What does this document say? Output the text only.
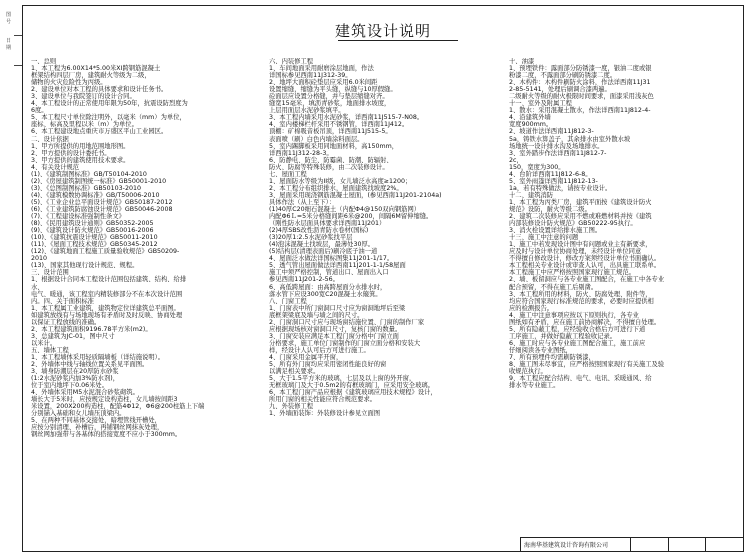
图
号
日
期
建筑设计说明
一、总则
1、本工程为6.00X14*5.00米XI跨钢筋混凝土
框架结构四层厂房，建筑耐火等级为二级，
储物的火灾危险性为丙级。
2、建设单位对本工程的具体要求和设计任务书。
3、建设单位与我院签订的设计合同。
4、本工程设计的正常使用年限为50年，抗震设防烈度为
6度。
5、本工程尺寸单位除注明外，以毫米（mm）为单位，
座标、标高及里程以米（m）为单位。
6、本工程建设地点重庆市万盛区平山工业园区。
二、设计依据
1、甲方所提供的用地范围地形图。
2、甲方提供的设计委托书。
3、甲方提供的建筑使用技术要求。
4、有关设计规范
(1)、《建筑制图标准》GB/T50104-2010
(2)、《房屋建筑制图统一标准》GB50001-2010
(3)、《总图制图标准》GB50103-2010
(4)、《建筑模数协调标准》GB/T50006-2010
(5)、《工业企业总平面设计规范》GB50187-2012
(6)、《工业建筑防腐蚀设计规范》GB50046-2008
(7)、《工程建设标准强制性条文》
(8)、《民用建筑设计通则》GB50352-2005
(9)、《建筑设计防火规范》GB50016-2006
(10)、《建筑抗震设计规范》GB50011-2010
(11)、《屋面工程技术规范》GB50345-2012
(12)、《建筑地面工程施工质量验收规范》GB50209-
2010
(13)、国家其他现行设计规范、规程。
三、设计范围
1、根据设计合同本工程设计范围包括建筑、结构、给排
水、
电气、暖通，该工程室内精装修部分不在本次设计范围
内。四、关于面积标准
1、本工程属工业建筑，建筑物定位详建筑总平面图。
如建筑放线有与场地现场有矛盾时及时反映、协商处理
以保证工程放线的准确。
2、本工程建筑面积9196.78平方米(m2)。
3、总建筑为JC-01，图中尺寸
以米计。
五、墙体工程
1、本工程墙体采用轻质隔墙板（详结施说明）。
2、外墙体中线与轴线位置关系见平面图。
3、墙身防潮层在20厚防水砂浆
(1:2水泥砂浆内加3%防水剂)，
位于室内地坪下0.06米处。
4、外墙体采用M5水泥混合砂浆砌筑。
墙长大于5米时，应按规定设构造柱，女儿墙按间距3
米设置，200X200构造柱，配筋4Φ12，Φ6@200柱筋上下端
分别锚入基础和女儿墙压顶梁内。
5、在两种不同基体交接处，暗埋管线开槽处，
应按分别清理、补槽后，再铺钢丝网抹灰处理，
钢丝网加强带与各基体的搭接宽度不应小于300mm。
六、内装修工程
1、车间地面采用耐磨涂层地面，作法
详国标参见西南11J312-39。
2、地坪大面积砼垫层应采用6.0米间距
设置缩缝，缩缝为平头缝，纵缝与10厚假缝。
砼面层应设置分格缝，并与垫层缩缝对齐。
缝宽15毫米，填沥青砂浆，地面排水坡度，
上层用面层水泥砂浆填平。
3、本工程内墙采用水泥砂浆，详西南11J515-7-N08。
4、室内楼梯栏杆采用不锈钢管，详西南11J412。
顶棚：矿棉吸音板吊顶，详西南11J515-5。
表面喷（刷）白色内墙涂料面层。
5、室内踢脚板采用同地面材料，高150mm，
详西南11J312-28-3。
6、防静电、防尘、防霉菌、防潮、防辐射、
防火、防腐等特殊装修，由二次装修设计。
七、屋面工程
1、屋面防水等级为II级，女儿墙泛水高度≥1200；
2、本工程分布组织排水，屋面建筑找坡度2%。
3、屋面采用现浇钢筋混凝土屋面，(参见西南11J201-2104a)
具体作法（从上至下）：
(1)40厚C20细石混凝土（内配Φ4@150双向钢筋网）
内配Φ6Ｌ=5米分格缝间距6米@200，间隔6M留伸缩缝。
（刚性防水层面具体要求详西南11J201）
(2)4厚SBS改性沥青防水卷材(国标)
(3)20厚1:2.5水泥砂浆找平层
(4)泡沫混凝土找坡层，最薄处30厚。
(5)结构层(清理表面后)刷冷底子油一道
4、屋面泛水做法详国标图集11J201-1/17。
5、透气管出屋面做法详西南11J201-1-1/58屋面
施工中须严格控制，管道出口、屋面出入口
参见西南11J201-2-56。
6、高低跨屋面：由高跨屋面分水排水时，
落水管下应设300宽C20混凝土水簸箕。
八、门窗工程
1、门窗表中所门窗洞口尺寸应为窗洞地坪后至梁
底框架梁底及墙与墙之间的尺寸。
2、门窗洞口尺寸应与现场窗结施位置、门窗的制作厂家
应根据现场核对窗洞口尺寸，复核门窗的数量。
3、门窗安装应满足本工程门窗分格中门窗立面
分格要求，施工单位门窗制作的门窗立面分格和安装大
样，经设计人认可后方可进行施工。
4、门窗采用金属平开窗，
5、所有外门窗均应采用密闭性能良好的窗
以满足相关要求。
5、大于1.5平方米的玻璃，七层及以上窗的外开窗，
无框玻璃门及大于0.5m2的有框玻璃门，应采用安全玻璃。
6、本工程门窗产品应根据《建筑玻璃应用技术规程》设计，
所用门窗的相关性能应符合规范要求。
九、外装修工程
1、外墙面装饰：外装修设计参见立面图
十、油漆
1、预埋铁件：露面部分防锈漆一度，银油二度或银
粉漆二度，不露面部分刷防锈漆二度。
2、木构件：木构件刷防火涂料，作法详西南11J31
2-85-5141，处理后刷调合漆两遍。
二级耐火等级的耐火极限时间要求，面漆采用浅灰色
十一、室外及附属工程
1、散水：采用混凝土散水，作法详西南11J812-4-
4、沿建筑外墙
宽度900mm。
2、坡道作法详西南11J812-3-
5a，铸铁水箅盖子，其余排水由室外散水坡
场地统一设计排水沟及场地排水。
3、室外踏步作法详西南11J812-7-
2c，
150，宽度为300。
4、台阶详西南11J812-6-8。
5、室外雨篷详西南11J812-13-
1a，若有特殊做法，请按专业设计。
十二、建筑消防
1、本工程为丙类厂房，建筑平面按《建筑设计防火
规范》设防，耐火等级二级。
2、建筑二次装修应采用不燃或难燃材料并按《建筑
内部装修设计防火规范》GB50222-95执行。
3、消火栓设置详给排水施工图。
十三、施工中注意的问题
1、施工中若发现设计图中有问题或业主有新要求，
应及时与设计单位协商处理，未经设计单位同意
不得擅自修改设计，修改方案须经设计单位书面确认。
本工程相关专业设计或审查人认可，出具施工联系单。
本工程施工中应严格按照国家现行施工规范。
2、墙、板留洞应与各专业施工图配合，在施工中各专业
配合预留，不得在施工后剔凿。
3、本工程所用的材料，防火、防腐处理、附件等，
均应符合国家现行标准规范的要求，必要时应提供相
应的检测报告。
4、施工中注意事项应按以下原则执行，各专业
图纸如有矛盾，应在施工前协商解决，不得擅自处理。
5、所有隐蔽工程，应经验收合格后方可进行下道
工序施工，并做好隐蔽工程验收记录。
6、施工时应与各专业施工图配合施工，施工前应
仔细阅读各专业图纸，
7、所有预埋件均需刷防锈漆，
8、施工图未尽事宜，应严格按照国家现行有关施工及验
收规范执行。
9、本工程应配合结构、电气、电讯、采暖通风、给
排水等专业施工。
海南华基建筑设计咨询有限公司
